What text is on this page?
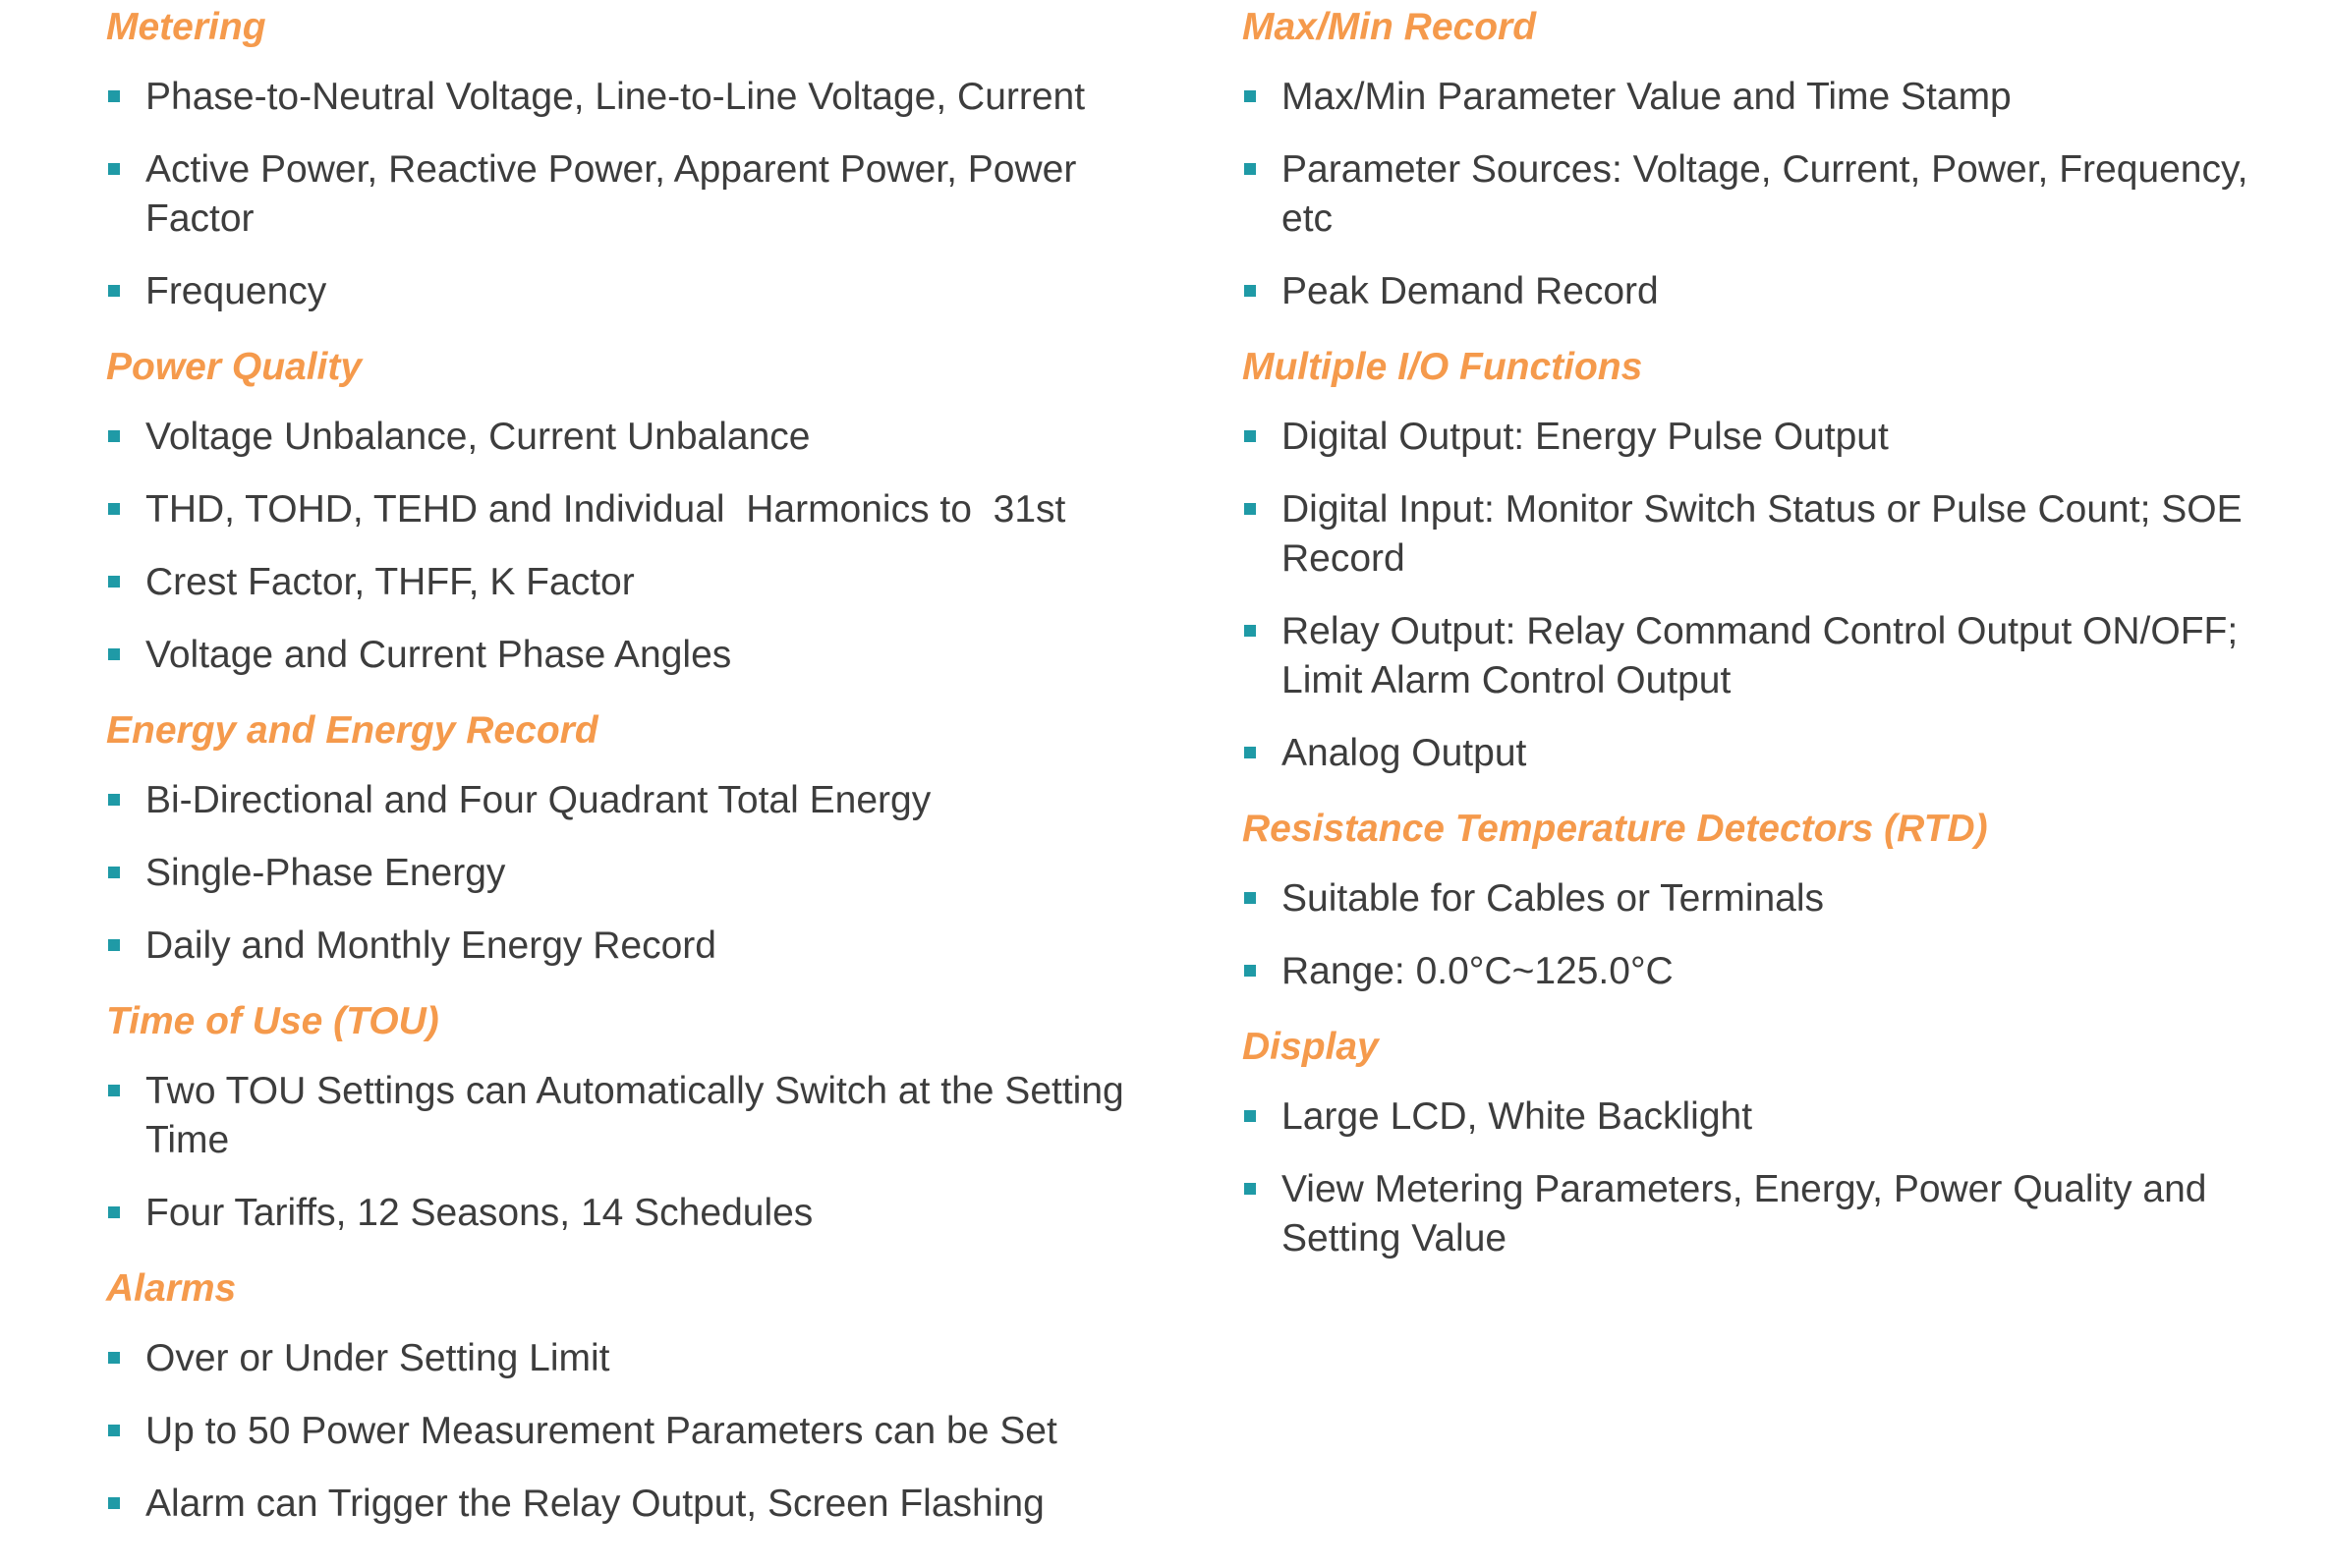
Metering
Phase-to-Neutral Voltage, Line-to-Line Voltage, Current
Active Power, Reactive Power, Apparent Power, Power Factor
Frequency
Power Quality
Voltage Unbalance, Current Unbalance
THD, TOHD, TEHD and Individual  Harmonics to  31st
Crest Factor, THFF, K Factor
Voltage and Current Phase Angles
Energy and Energy Record
Bi-Directional and Four Quadrant Total Energy
Single-Phase Energy
Daily and Monthly Energy Record
Time of Use (TOU)
Two TOU Settings can Automatically Switch at the Setting Time
Four Tariffs, 12 Seasons, 14 Schedules
Alarms
Over or Under Setting Limit
Up to 50 Power Measurement Parameters can be Set
Alarm can Trigger the Relay Output, Screen Flashing
Max/Min Record
Max/Min Parameter Value and Time Stamp
Parameter Sources: Voltage, Current, Power, Frequency, etc
Peak Demand Record
Multiple I/O Functions
Digital Output: Energy Pulse Output
Digital Input: Monitor Switch Status or Pulse Count; SOE Record
Relay Output: Relay Command Control Output ON/OFF; Limit Alarm Control Output
Analog Output
Resistance Temperature Detectors (RTD)
Suitable for Cables or Terminals
Range: 0.0°C~125.0°C
Display
Large LCD, White Backlight
View Metering Parameters, Energy, Power Quality and Setting Value
